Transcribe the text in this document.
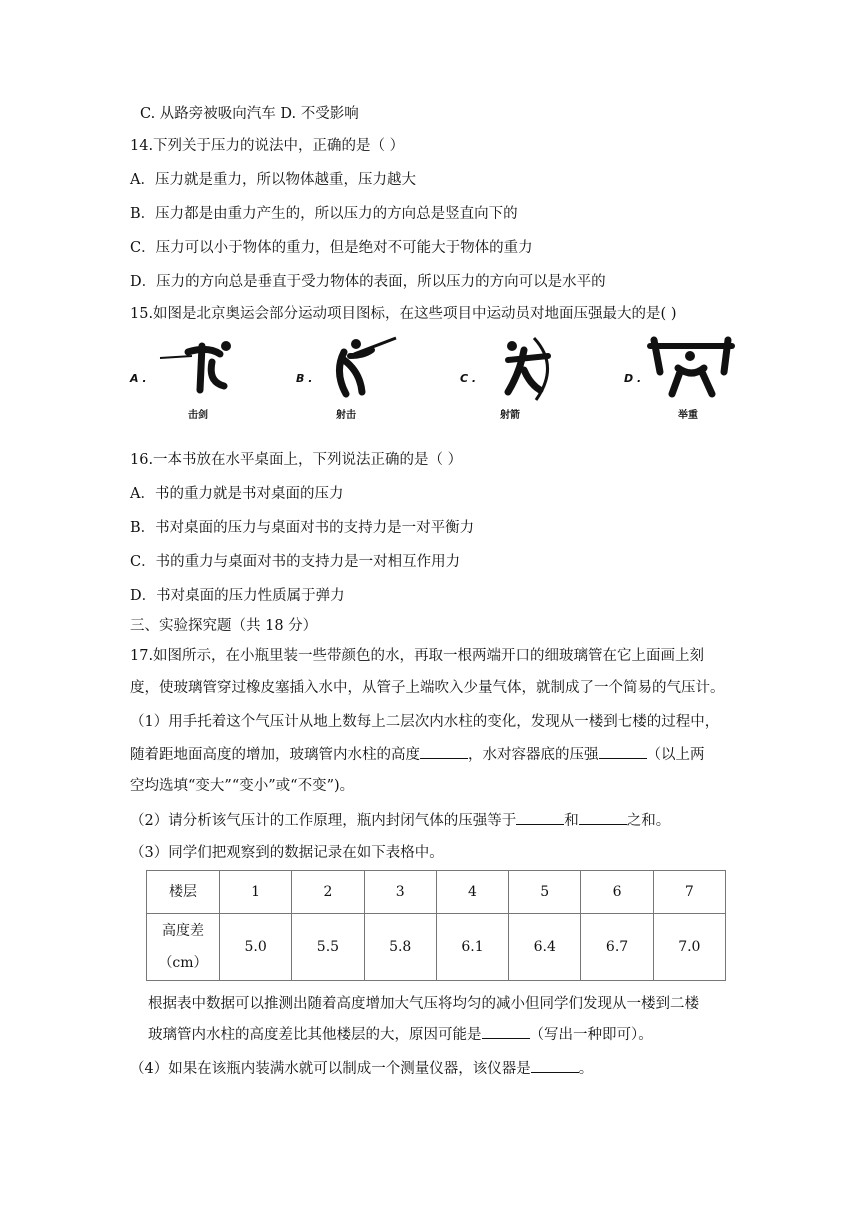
C. 从路旁被吸向汽车 D. 不受影响
14.下列关于压力的说法中，正确的是（ ）
A．压力就是重力，所以物体越重，压力越大
B．压力都是由重力产生的，所以压力的方向总是竖直向下的
C．压力可以小于物体的重力，但是绝对不可能大于物体的重力
D．压力的方向总是垂直于受力物体的表面，所以压力的方向可以是水平的
15.如图是北京奥运会部分运动项目图标，在这些项目中运动员对地面压强最大的是( )
A .
击剑
B .
射击
C .
射箭
D .
举重
16.一本书放在水平桌面上，下列说法正确的是（ ）
A．书的重力就是书对桌面的压力
B．书对桌面的压力与桌面对书的支持力是一对平衡力
C．书的重力与桌面对书的支持力是一对相互作用力
D．书对桌面的压力性质属于弹力
三、实验探究题（共 18 分）
17.如图所示，在小瓶里装一些带颜色的水，再取一根两端开口的细玻璃管在它上面画上刻
度，使玻璃管穿过橡皮塞插入水中，从管子上端吹入少量气体，就制成了一个简易的气压计。
（1）用手托着这个气压计从地上数每上二层次内水柱的变化，发现从一楼到七楼的过程中，
随着距地面高度的增加，玻璃管内水柱的高度	，水对容器底的压强	（以上两
空均选填“变大”“变小”或“不变”)。
（2）请分析该气压计的工作原理，瓶内封闭气体的压强等于	和	之和。
（3）同学们把观察到的数据记录在如下表格中。
楼层	1	2	3	4	5	6	7

高度差
（cm）	5.0	5.5	5.8	6.1	6.4	6.7	7.0
根据表中数据可以推测出随着高度增加大气压将均匀的减小但同学们发现从一楼到二楼
玻璃管内水柱的高度差比其他楼层的大，原因可能是	（写出一种即可）。
（4）如果在该瓶内装满水就可以制成一个测量仪器，该仪器是	。
